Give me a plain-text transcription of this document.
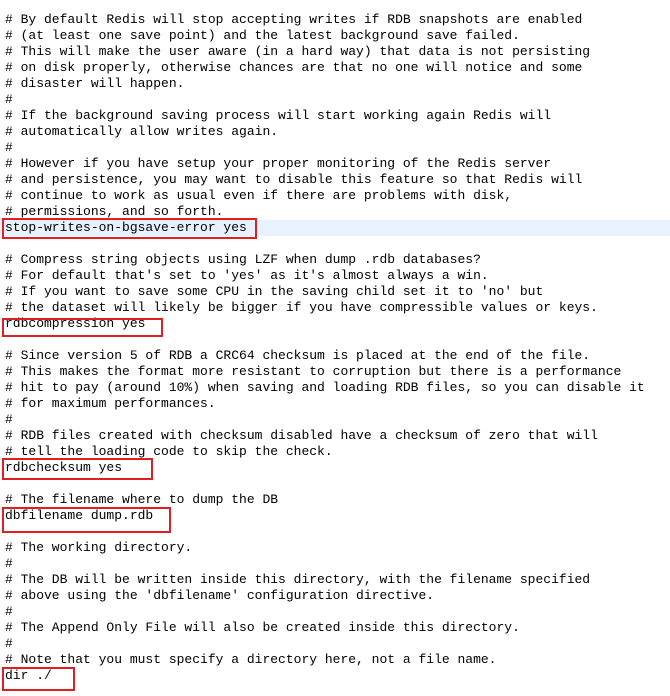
# By default Redis will stop accepting writes if RDB snapshots are enabled
# (at least one save point) and the latest background save failed.
# This will make the user aware (in a hard way) that data is not persisting
# on disk properly, otherwise chances are that no one will notice and some
# disaster will happen.
#
# If the background saving process will start working again Redis will
# automatically allow writes again.
#
# However if you have setup your proper monitoring of the Redis server
# and persistence, you may want to disable this feature so that Redis will
# continue to work as usual even if there are problems with disk,
# permissions, and so forth.
stop-writes-on-bgsave-error yes
# Compress string objects using LZF when dump .rdb databases?
# For default that's set to 'yes' as it's almost always a win.
# If you want to save some CPU in the saving child set it to 'no' but
# the dataset will likely be bigger if you have compressible values or keys.
rdbcompression yes
# Since version 5 of RDB a CRC64 checksum is placed at the end of the file.
# This makes the format more resistant to corruption but there is a performance
# hit to pay (around 10%) when saving and loading RDB files, so you can disable it
# for maximum performances.
#
# RDB files created with checksum disabled have a checksum of zero that will
# tell the loading code to skip the check.
rdbchecksum yes
# The filename where to dump the DB
dbfilename dump.rdb
# The working directory.
#
# The DB will be written inside this directory, with the filename specified
# above using the 'dbfilename' configuration directive.
#
# The Append Only File will also be created inside this directory.
#
# Note that you must specify a directory here, not a file name.
dir ./
